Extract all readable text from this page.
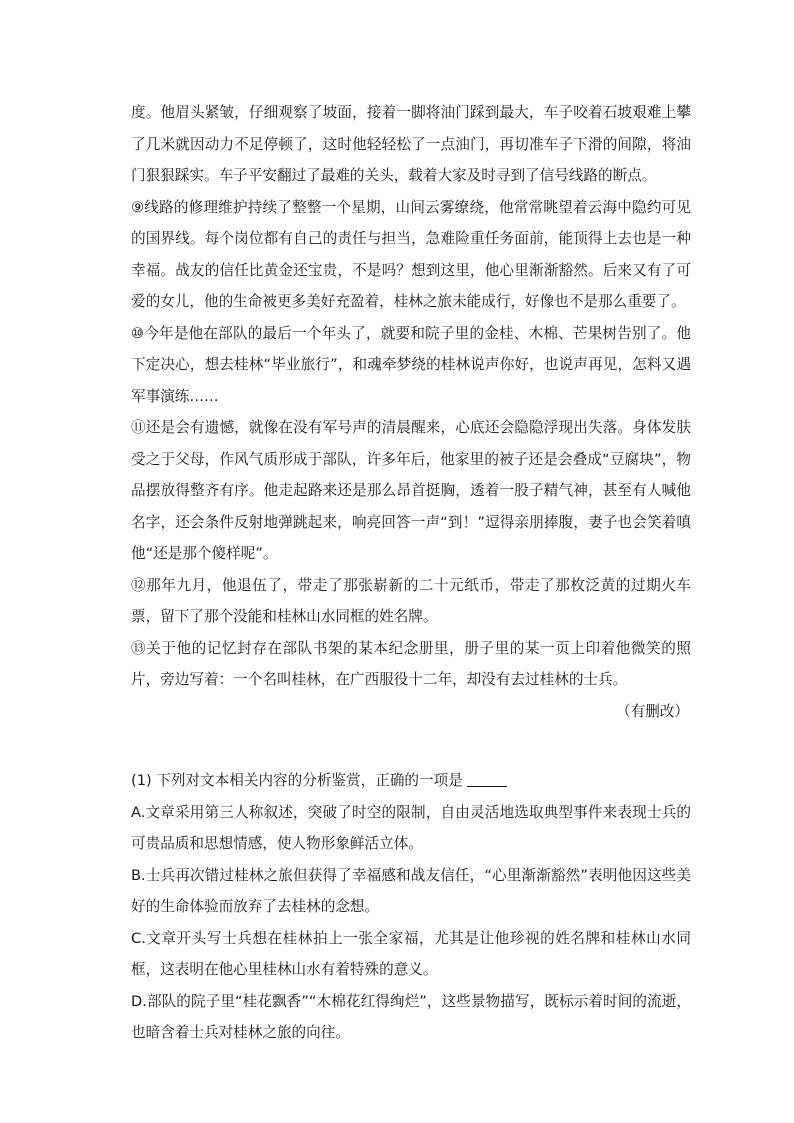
度。他眉头紧皱，仔细观察了坡面，接着一脚将油门踩到最大，车子咬着石坡艰难上攀了几米就因动力不足停顿了，这时他轻轻松了一点油门，再切准车子下滑的间隙，将油门狠狠踩实。车子平安翻过了最难的关头，载着大家及时寻到了信号线路的断点。

⑨线路的修理维护持续了整整一个星期，山间云雾缭绕，他常常眺望着云海中隐约可见的国界线。每个岗位都有自己的责任与担当，急难险重任务面前，能顶得上去也是一种幸福。战友的信任比黄金还宝贵，不是吗？想到这里，他心里渐渐豁然。后来又有了可爱的女儿，他的生命被更多美好充盈着，桂林之旅未能成行，好像也不是那么重要了。

⑩今年是他在部队的最后一个年头了，就要和院子里的金桂、木棉、芒果树告别了。他下定决心，想去桂林“毕业旅行”，和魂牵梦绕的桂林说声你好，也说声再见，怎料又遇军事演练……

⑪还是会有遗憾，就像在没有军号声的清晨醒来，心底还会隐隐浮现出失落。身体发肤受之于父母，作风气质形成于部队，许多年后，他家里的被子还是会叠成“豆腐块”，物品摆放得整齐有序。他走起路来还是那么昂首挺胸，透着一股子精气神，甚至有人喊他名字，还会条件反射地弹跳起来，响亮回答一声“到！”逗得亲朋捧腹，妻子也会笑着嗔他“还是那个傻样呢”。

⑫那年九月，他退伍了，带走了那张崭新的二十元纸币，带走了那枚泛黄的过期火车票，留下了那个没能和桂林山水同框的姓名牌。

⑬关于他的记忆封存在部队书架的某本纪念册里，册子里的某一页上印着他微笑的照片，旁边写着：一个名叫桂林，在广西服役十二年，却没有去过桂林的士兵。

（有删改）

(1) 下列对文本相关内容的分析鉴赏，正确的一项是

A.文章采用第三人称叙述，突破了时空的限制，自由灵活地选取典型事件来表现士兵的可贵品质和思想情感，使人物形象鲜活立体。

B.士兵再次错过桂林之旅但获得了幸福感和战友信任，“心里渐渐豁然”表明他因这些美好的生命体验而放弃了去桂林的念想。

C.文章开头写士兵想在桂林拍上一张全家福，尤其是让他珍视的姓名牌和桂林山水同框，这表明在他心里桂林山水有着特殊的意义。

D.部队的院子里“桂花飘香”“木棉花红得绚烂”，这些景物描写，既标示着时间的流逝，也暗含着士兵对桂林之旅的向往。
